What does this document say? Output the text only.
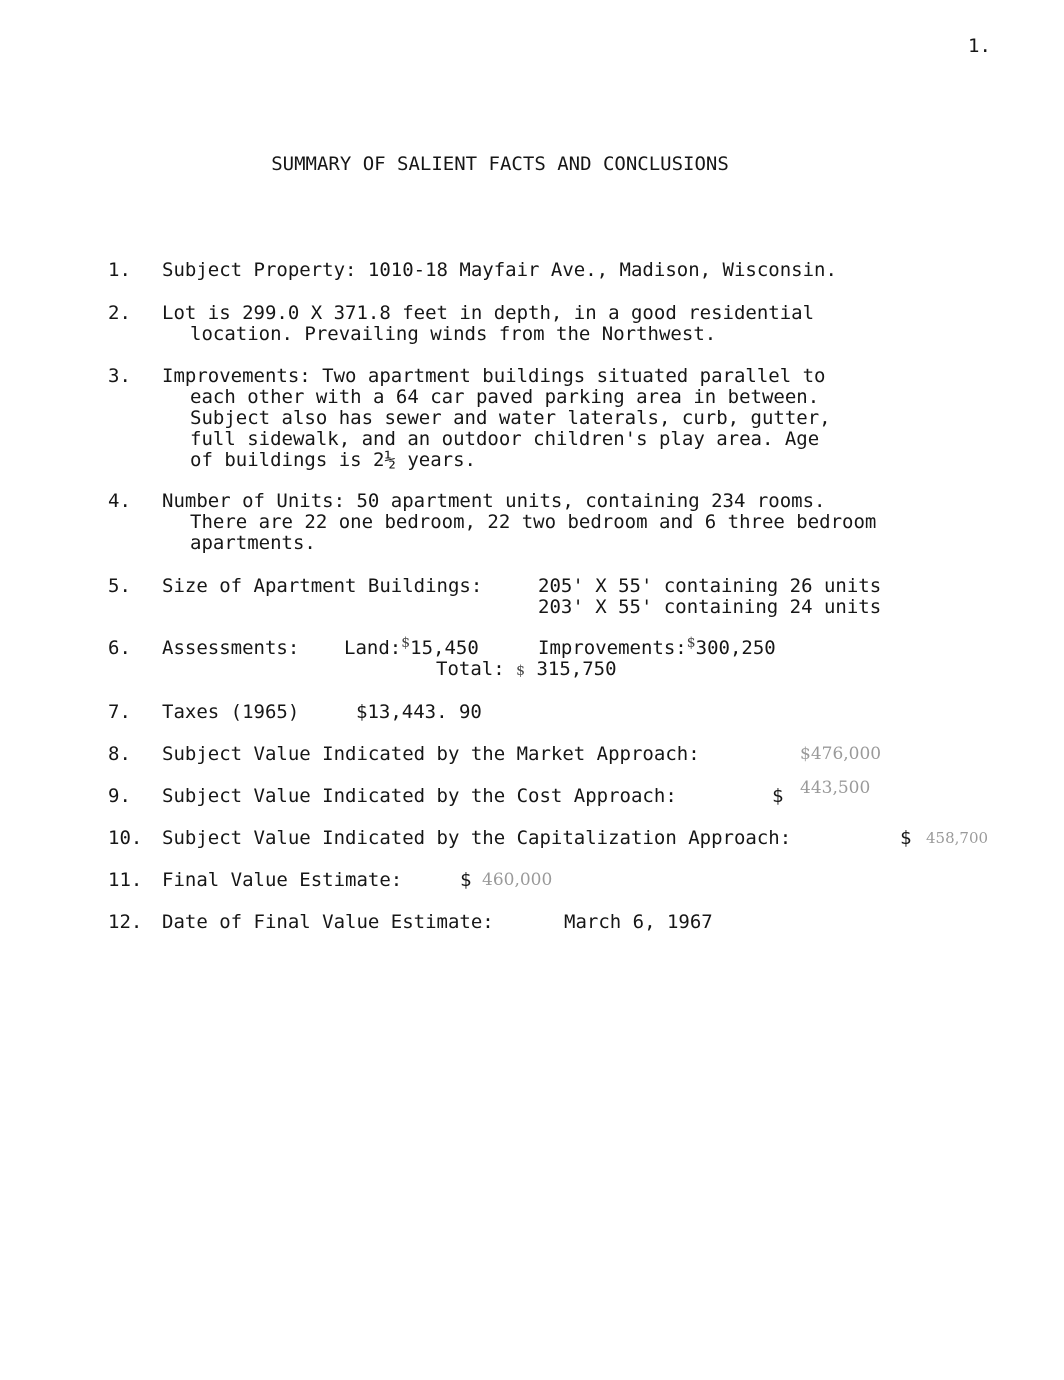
1.
SUMMARY OF SALIENT FACTS AND CONCLUSIONS
1. Subject Property: 1010-18 Mayfair Ave., Madison, Wisconsin.
2. Lot is 299.0 X 371.8 feet in depth, in a good residential
location. Prevailing winds from the Northwest.
3. Improvements: Two apartment buildings situated parallel to
each other with a 64 car paved parking area in between.
Subject also has sewer and water laterals, curb, gutter,
full sidewalk, and an outdoor children's play area. Age
of buildings is 2½ years.
4. Number of Units: 50 apartment units, containing 234 rooms.
There are 22 one bedroom, 22 two bedroom and 6 three bedroom
apartments.
5. Size of Apartment Buildings:	205' X 55' containing 26 units
203' X 55' containing 24 units
6. Assessments: Land:$15,450	Improvements:$300,250
Total: $ 315,750
7. Taxes (1965)	$13,443. 90
8. Subject Value Indicated by the Market Approach:	$476,000
9. Subject Value Indicated by the Cost Approach:	$ 443,500
10. Subject Value Indicated by the Capitalization Approach:	$ 458,700
11. Final Value Estimate:	$ 460,000
12. Date of Final Value Estimate:	March 6, 1967
